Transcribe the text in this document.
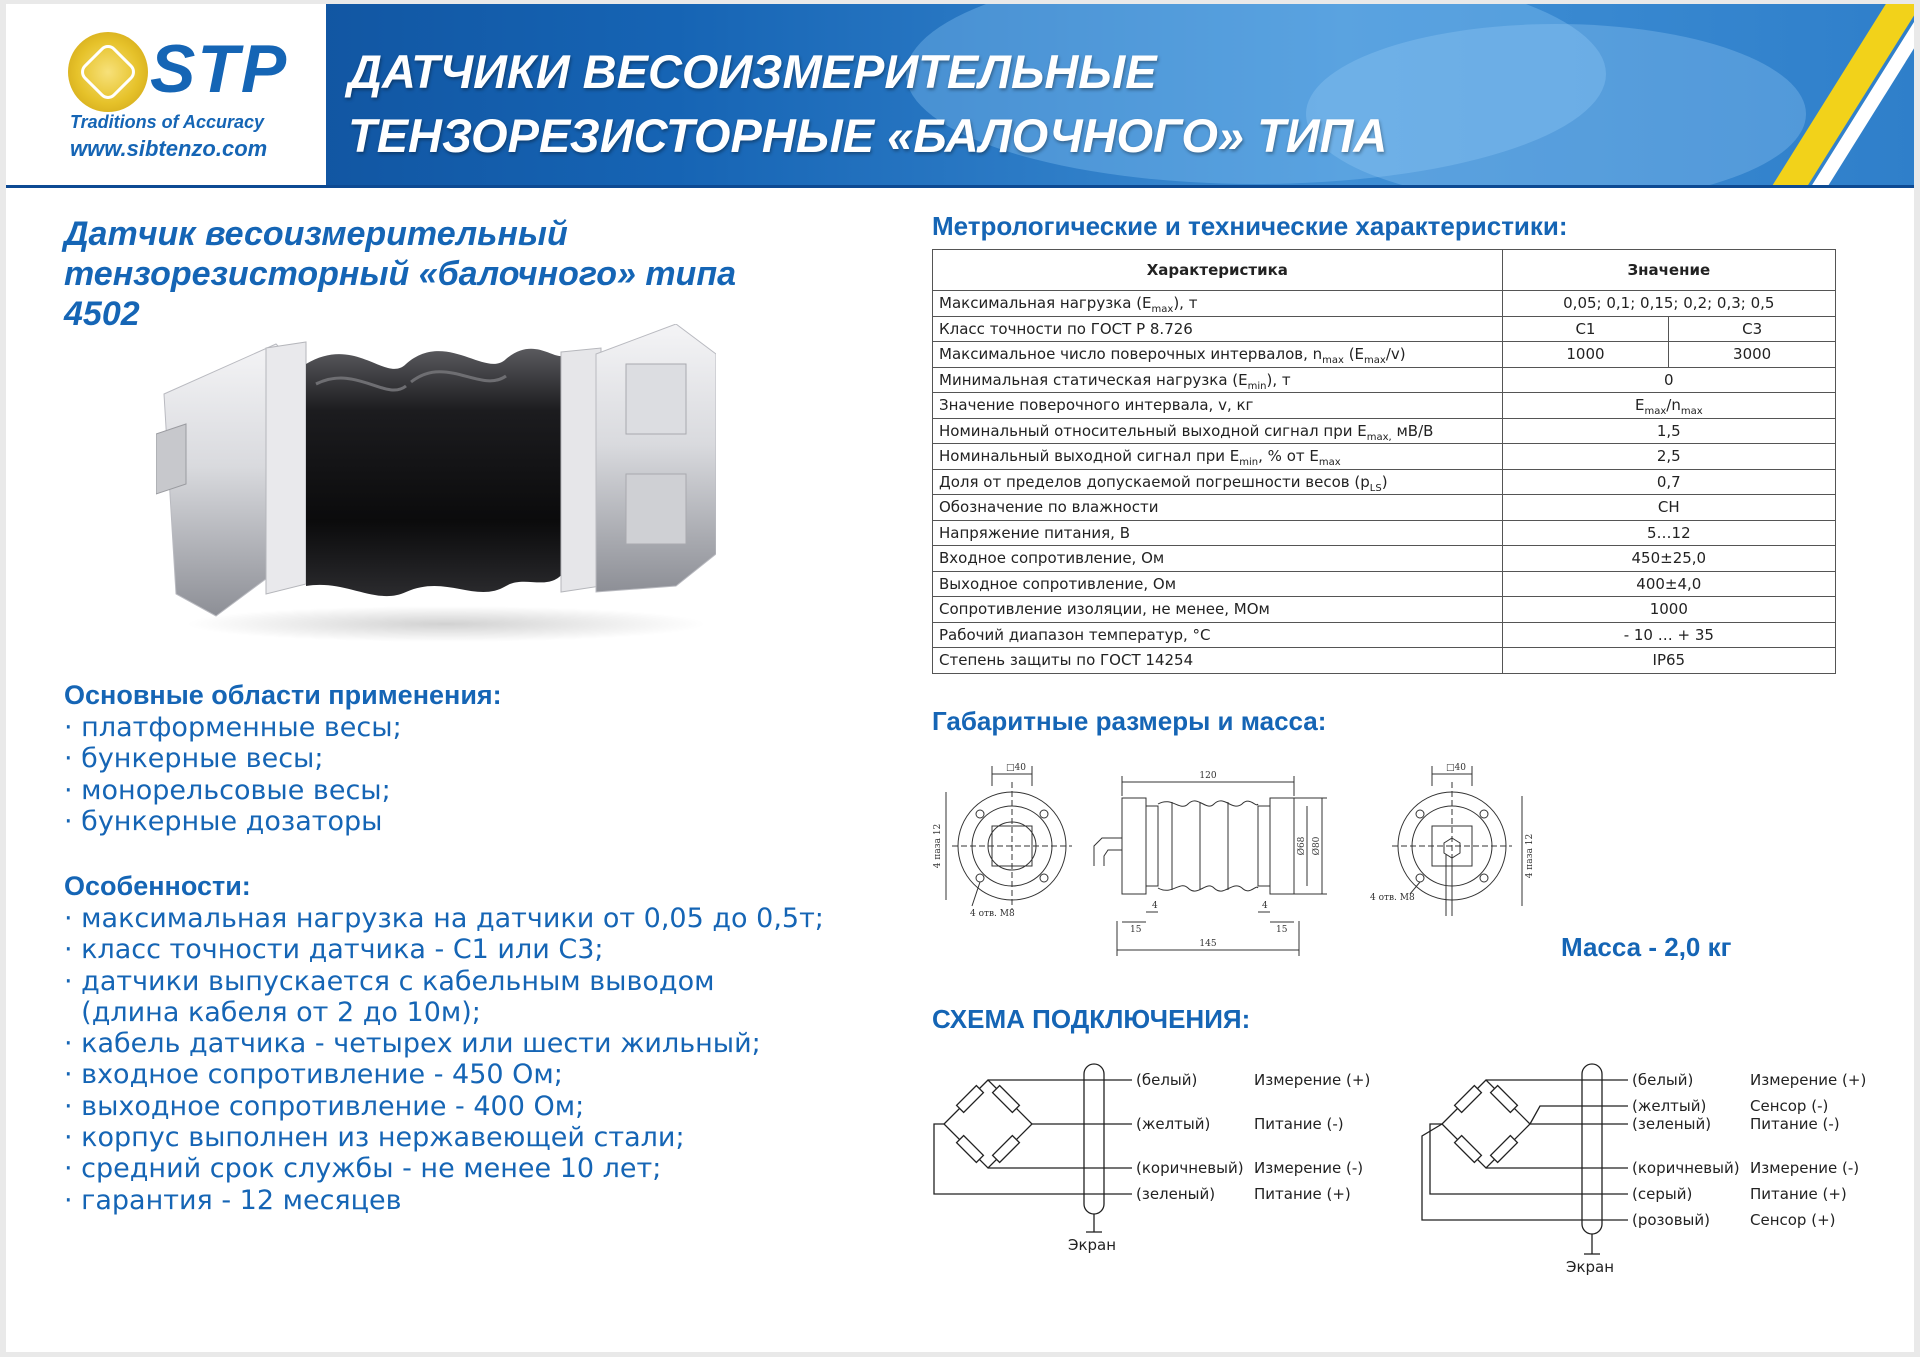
STP
Traditions of Accuracy
www.sibtenzo.com
ДАТЧИКИ ВЕСОИЗМЕРИТЕЛЬНЫЕ
ТЕНЗОРЕЗИСТОРНЫЕ «БАЛОЧНОГО» ТИПА
Датчик весоизмерительный
тензорезисторный «балочного» типа
4502
Основные области применения:
· платформенные весы;
· бункерные весы;
· монорельсовые весы;
· бункерные дозаторы
Особенности:
· максимальная нагрузка на датчики от 0,05 до 0,5т;
· класс точности датчика - С1 или С3;
· датчики выпускается с кабельным выводом
(длина кабеля от 2 до 10м);
· кабель датчика - четырех или шести жильный;
· входное сопротивление - 450 Ом;
· выходное сопротивление - 400 Ом;
· корпус выполнен из нержавеющей стали;
· средний срок службы - не менее 10 лет;
· гарантия - 12 месяцев
Метрологические и технические характеристики:
Характеристика	Значение	
Максимальная нагрузка $(E_{max})$, т	0,05; 0,1; 0,15; 0,2; 0,3; 0,5	
Класс точности по ГОСТ Р 8.726	C1	C3
Максимальное число поверочных интервалов, $n_{max}$ $(E_{max}/v)$	1000	3000
Минимальная статическая нагрузка $(E_{min})$, т	0	
Значение поверочного интервала, v, кг	$E_{max}/n_{max}$
Номинальный относительный выходной сигнал при $E_{max,}$ мВ/В	1,5	
Номинальный выходной сигнал при $E_{min}$, % от $E_{max}$	2,5	
Доля от пределов допускаемой погрешности весов $(p_{LS})$	0,7	
Обозначение по влажности	CH	
Напряжение питания, В	5…12	
Входное сопротивление, Ом	450±25,0	
Выходное сопротивление, Ом	400±4,0	
Сопротивление изоляции, не менее, МОм	1000	
Рабочий диапазон температур, °С	- 10 … + 35	
Степень защиты по ГОСТ 14254	IP65	
Габаритные размеры и масса:
□40
4 паза 12
4 отв. М8
120
145
4	4
15	15
Ø68 Ø80
□40
4 отв. М8
4 паза 12
Масса - 2,0 кг
СХЕМА ПОДКЛЮЧЕНИЯ:
(белый)	Измерение (+)
(желтый)	Питание (-)
(коричневый) Измерение (-)
(зеленый)	Питание (+)
Экран
(белый)	Измерение (+)
(желтый)	Сенсор (-)
(зеленый)	Питание (-)
(коричневый) Измерение (-)
(серый)	Питание (+)
(розовый)	Сенсор (+)
Экран
